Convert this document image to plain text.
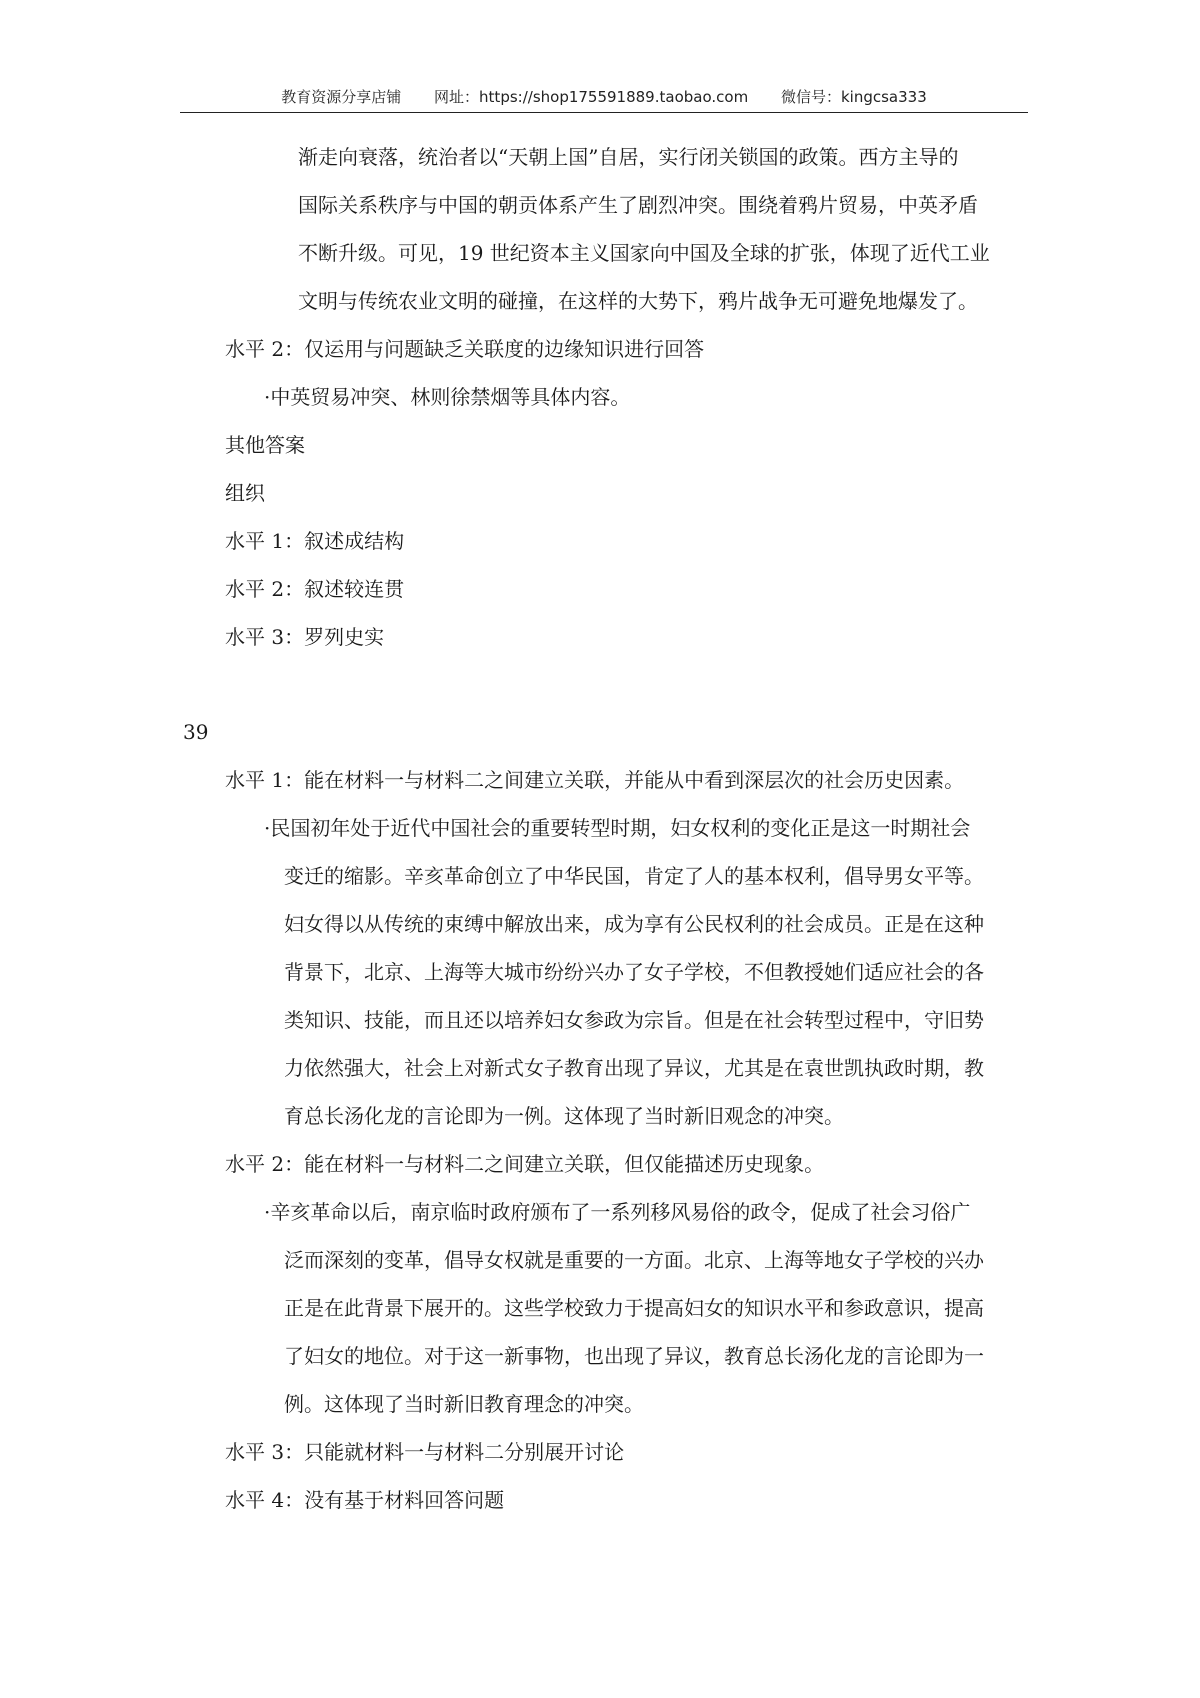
教育资源分享店铺 网址：https://shop175591889.taobao.com 微信号：kingcsa333
渐走向衰落，统治者以“天朝上国”自居，实行闭关锁国的政策。西方主导的
国际关系秩序与中国的朝贡体系产生了剧烈冲突。围绕着鸦片贸易，中英矛盾
不断升级。可见，19 世纪资本主义国家向中国及全球的扩张，体现了近代工业
文明与传统农业文明的碰撞，在这样的大势下，鸦片战争无可避免地爆发了。
水平 2：仅运用与问题缺乏关联度的边缘知识进行回答
·中英贸易冲突、林则徐禁烟等具体内容。
其他答案
组织
水平 1：叙述成结构
水平 2：叙述较连贯
水平 3：罗列史实
39
水平 1：能在材料一与材料二之间建立关联，并能从中看到深层次的社会历史因素。
·民国初年处于近代中国社会的重要转型时期，妇女权利的变化正是这一时期社会
变迁的缩影。辛亥革命创立了中华民国，肯定了人的基本权利，倡导男女平等。
妇女得以从传统的束缚中解放出来，成为享有公民权利的社会成员。正是在这种
背景下，北京、上海等大城市纷纷兴办了女子学校，不但教授她们适应社会的各
类知识、技能，而且还以培养妇女参政为宗旨。但是在社会转型过程中，守旧势
力依然强大，社会上对新式女子教育出现了异议，尤其是在袁世凯执政时期，教
育总长汤化龙的言论即为一例。这体现了当时新旧观念的冲突。
水平 2：能在材料一与材料二之间建立关联，但仅能描述历史现象。
·辛亥革命以后，南京临时政府颁布了一系列移风易俗的政令，促成了社会习俗广
泛而深刻的变革，倡导女权就是重要的一方面。北京、上海等地女子学校的兴办
正是在此背景下展开的。这些学校致力于提高妇女的知识水平和参政意识，提高
了妇女的地位。对于这一新事物，也出现了异议，教育总长汤化龙的言论即为一
例。这体现了当时新旧教育理念的冲突。
水平 3：只能就材料一与材料二分别展开讨论
水平 4：没有基于材料回答问题
